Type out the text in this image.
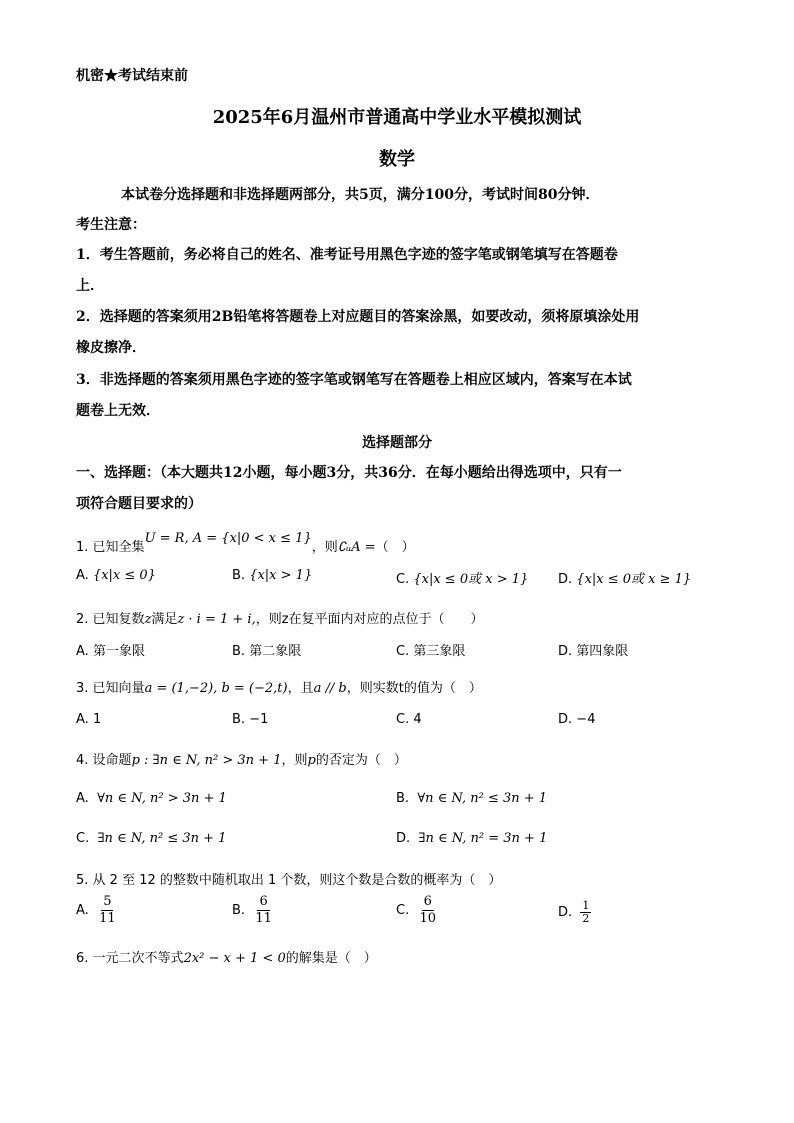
机密★考试结束前
2025年6月温州市普通高中学业水平模拟测试
数学
本试卷分选择题和非选择题两部分，共5页，满分100分，考试时间80分钟．
考生注意：
1．考生答题前，务必将自己的姓名、准考证号用黑色字迹的签字笔或钢笔填写在答题卷
上．
2．选择题的答案须用2B铅笔将答题卷上对应题目的答案涂黑，如要改动，须将原填涂处用
橡皮擦净．
3．非选择题的答案须用黑色字迹的签字笔或钢笔写在答题卷上相应区域内，答案写在本试
题卷上无效．
选择题部分
一、选择题：（本大题共12小题，每小题3分，共36分．在每小题给出得选项中，只有一
项符合题目要求的）
1. 已知全集U = R, A = {x|0 < x ≤ 1}，则∁ᵤA =（　）
A. {x|x ≤ 0}	B. {x|x > 1}	C. {x|x ≤ 0或 x > 1} D. {x|x ≤ 0或 x ≥ 1}
2. 已知复数z满足z · i = 1 + i,，则z在复平面内对应的点位于（　　）
A. 第一象限	B. 第二象限	C. 第三象限	D. 第四象限
3. 已知向量a = (1,−2), b = (−2,t)，且a // b，则实数t的值为（　）
A. 1	B. −1	C. 4	D. −4
4. 设命题p : ∃n ∈ N, n² > 3n + 1，则p的否定为（　）
A. ∀n ∈ N, n² > 3n + 1	B. ∀n ∈ N, n² ≤ 3n + 1
C. ∃n ∈ N, n² ≤ 3n + 1	D. ∃n ∈ N, n² = 3n + 1
5. 从 2 至 12 的整数中随机取出 1 个数，则这个数是合数的概率为（　）
A. $\frac{5}{11}$	B. $\frac{6}{11}$	C. $\frac{6}{10}$	D. $\frac{1}{2}$
6. 一元二次不等式2x² − x + 1 < 0的解集是（　）
